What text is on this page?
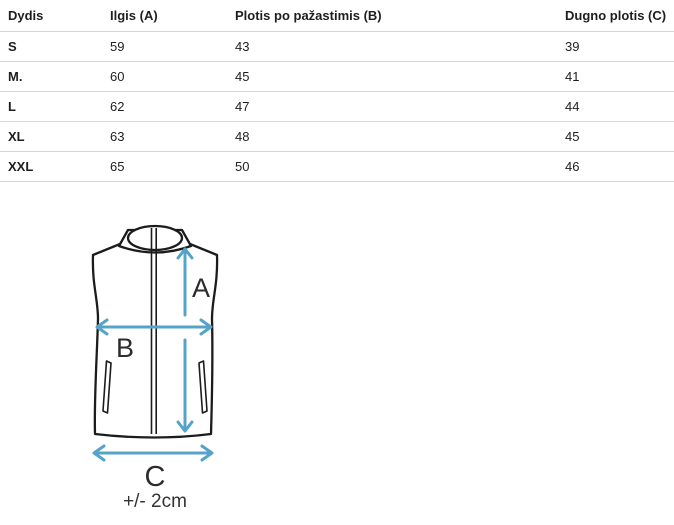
Dydis	Ilgis (A)	Plotis po pažastimis (B)	Dugno plotis (C)
S	59	43	39
M.	60	45	41
L	62	47	44
XL	63	48	45
XXL	65	50	46
A
B
C
+/- 2cm
